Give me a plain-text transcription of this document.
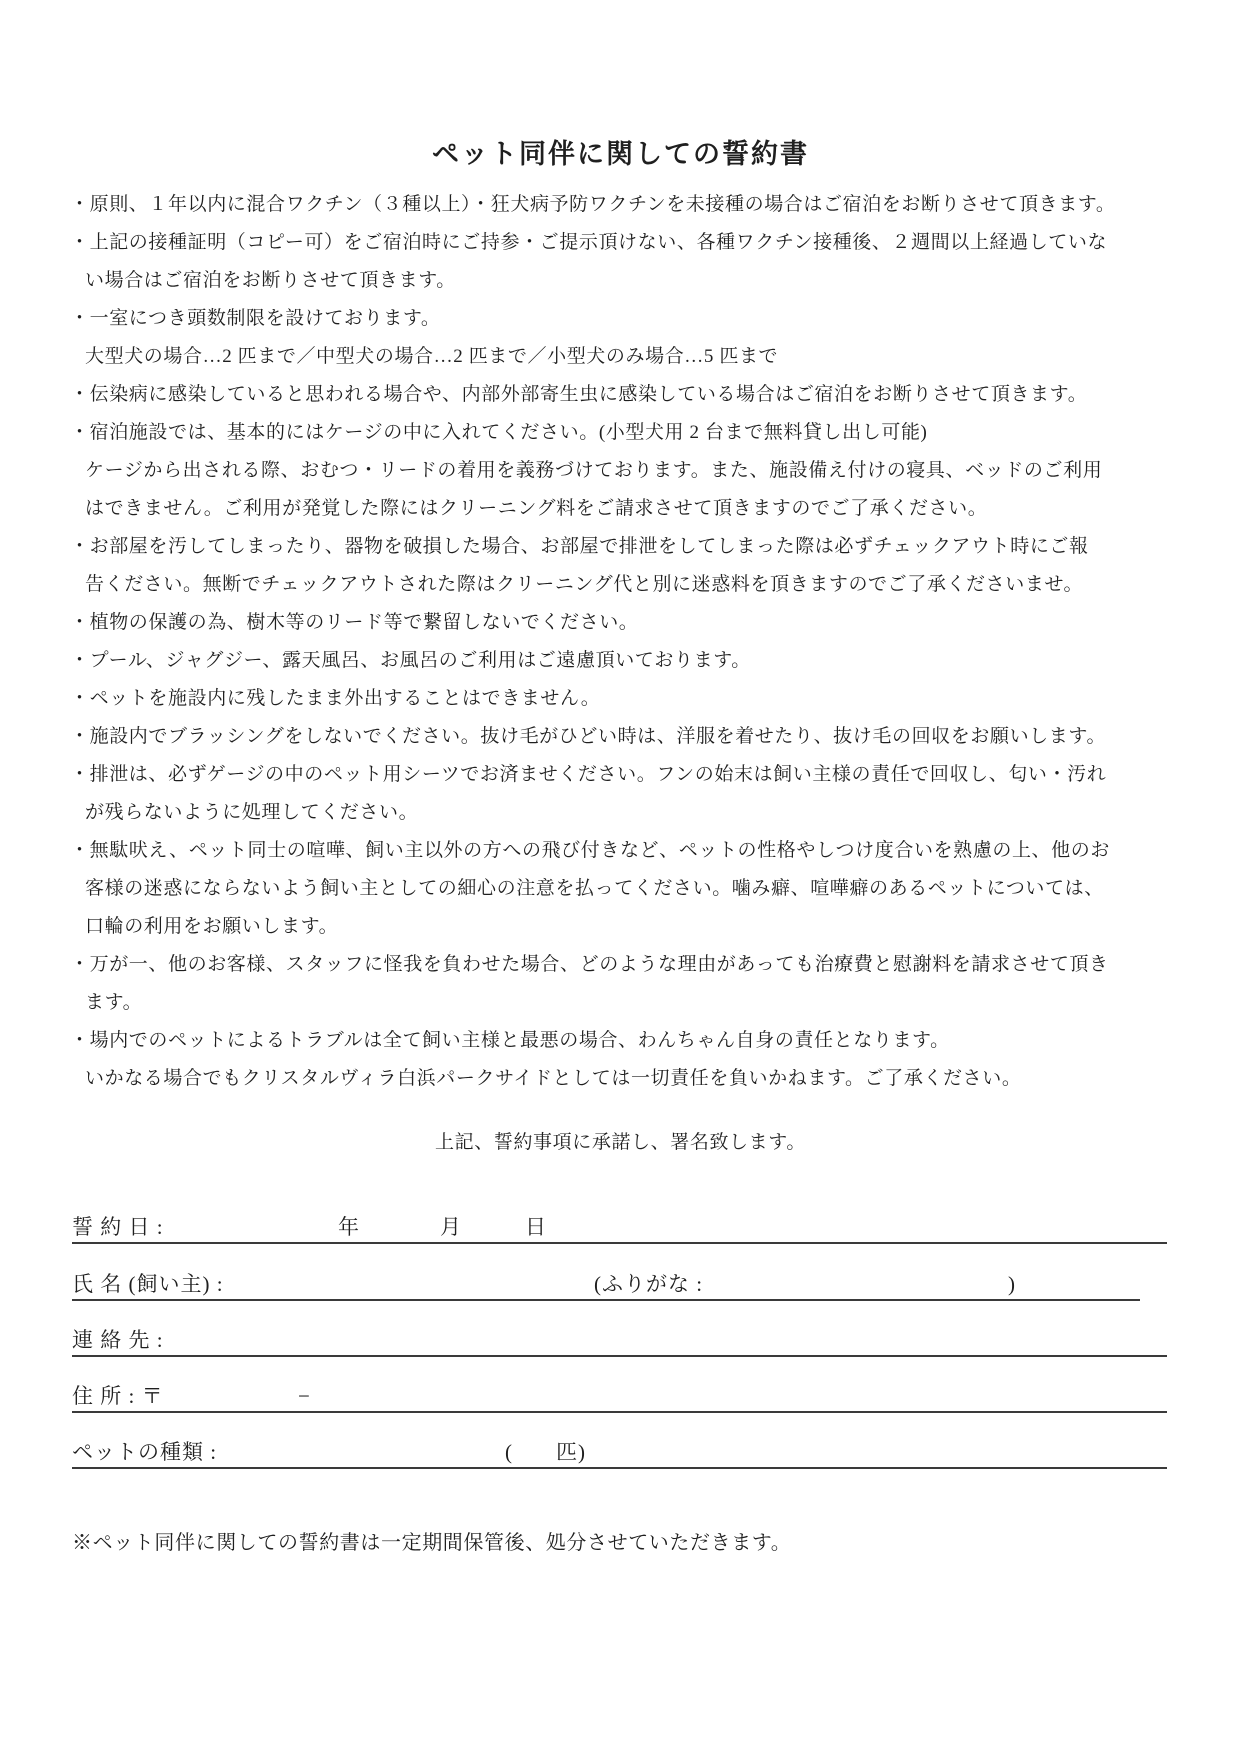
ペット同伴に関しての誓約書
・原則、１年以内に混合ワクチン（３種以上）・狂犬病予防ワクチンを未接種の場合はご宿泊をお断りさせて頂きます。
・上記の接種証明（コピー可）をご宿泊時にご持参・ご提示頂けない、各種ワクチン接種後、２週間以上経過していな
い場合はご宿泊をお断りさせて頂きます。
・一室につき頭数制限を設けております。
大型犬の場合…2 匹まで／中型犬の場合…2 匹まで／小型犬のみ場合…5 匹まで
・伝染病に感染していると思われる場合や、内部外部寄生虫に感染している場合はご宿泊をお断りさせて頂きます。
・宿泊施設では、基本的にはケージの中に入れてください。(小型犬用 2 台まで無料貸し出し可能)
ケージから出される際、おむつ・リードの着用を義務づけております。また、施設備え付けの寝具、ベッドのご利用
はできません。ご利用が発覚した際にはクリーニング料をご請求させて頂きますのでご了承ください。
・お部屋を汚してしまったり、器物を破損した場合、お部屋で排泄をしてしまった際は必ずチェックアウト時にご報
告ください。無断でチェックアウトされた際はクリーニング代と別に迷惑料を頂きますのでご了承くださいませ。
・植物の保護の為、樹木等のリード等で繋留しないでください。
・プール、ジャグジー、露天風呂、お風呂のご利用はご遠慮頂いております。
・ペットを施設内に残したまま外出することはできません。
・施設内でブラッシングをしないでください。抜け毛がひどい時は、洋服を着せたり、抜け毛の回収をお願いします。
・排泄は、必ずゲージの中のペット用シーツでお済ませください。フンの始末は飼い主様の責任で回収し、匂い・汚れ
が残らないように処理してください。
・無駄吠え、ペット同士の喧嘩、飼い主以外の方への飛び付きなど、ペットの性格やしつけ度合いを熟慮の上、他のお
客様の迷惑にならないよう飼い主としての細心の注意を払ってください。噛み癖、喧嘩癖のあるペットについては、
口輪の利用をお願いします。
・万が一、他のお客様、スタッフに怪我を負わせた場合、どのような理由があっても治療費と慰謝料を請求させて頂き
ます。
・場内でのペットによるトラブルは全て飼い主様と最悪の場合、わんちゃん自身の責任となります。
いかなる場合でもクリスタルヴィラ白浜パークサイドとしては一切責任を負いかねます。ご了承ください。
上記、誓約事項に承諾し、署名致します。
誓 約 日 :	年	月	日
氏 名 (飼い主) :	(ふりがな :	)
連 絡 先 :
住 所 : 〒	−
ペットの種類 :	( 匹)
※ペット同伴に関しての誓約書は一定期間保管後、処分させていただきます。
